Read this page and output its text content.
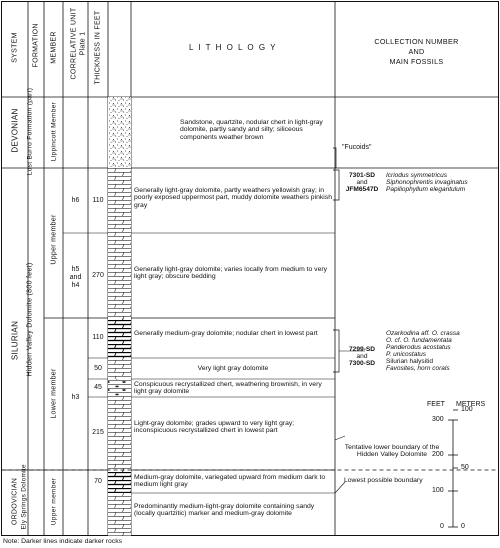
SYSTEM FORMATION MEMBER CORRELATIVE UNIT Plate 1 THICKNESS IN FEET	L I T H O L O G Y
COLLECTION NUMBER
AND
MAIN FOSSILS
DEVONIAN
SILURIAN
ORDOVICIAN
Lost Burro Formation (part)
Hidden Valley Dolomite (800 feet)
Ely Springs Dolomite
Lippincott Member
Upper member
Lower member
Upper member
h6
h5 and h4
h3
110
270
110
50
45
215
70
Sandstone, quartzite, nodular chert in light-gray dolomite, partly sandy and silty; siliceous components weather brown
Generally light-gray dolomite, partly weathers yellowish gray; in poorly exposed uppermost part, muddy dolomite weathers pinkish gray
Generally light-gray dolomite; varies locally from medium to very light gray; obscure bedding
Generally medium-gray dolomite; nodular chert in lowest part
Very light gray dolomite
Conspicuous recrystallized chert, weathering brownish, in very light gray dolomite
Light-gray dolomite; grades upward to very light gray; inconspicuous recrystallized chert in lowest part
Medium-gray dolomite, variegated upward from medium dark to medium light gray
Predominantly medium-light-gray dolomite containing sandy (locally quartzitic) marker and medium-gray dolomite
"Fucoids"
7301-SD
and
JFM6547D
Icriodus symmetricus
Siphonophrentis invaginatus
Papiliophyllum elegantulum
7299-SD
and
7300-SD
Ozarkodina aff. O. crassa
O. cf. O. fundamentata
Panderodus acostatus
P. unicostatus
Silurian halysitid
Favosites, horn corals
FEET METERS
300
200
100
0
100
50
0
Tentative lower boundary of the Hidden Valley Dolomite
Lowest possible boundary
Note: Darker lines indicate darker rocks
